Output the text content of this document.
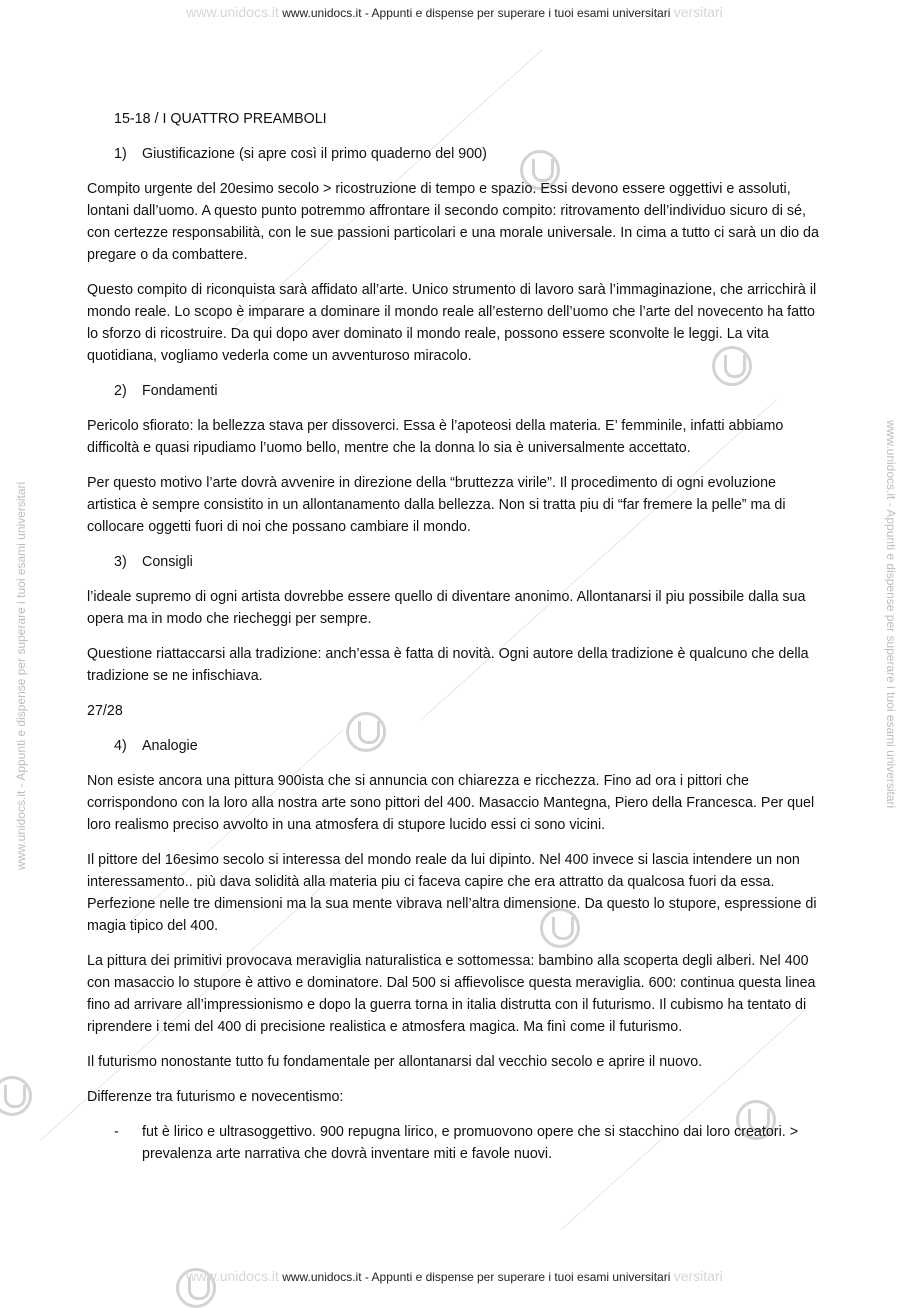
www.unidocs.it www.unidocs.it - Appunti e dispense per superare i tuoi esami universitari versitari
www.unidocs.it - Appunti e dispense per superare i tuoi esami universitari	www.unidocs.it - Appunti e dispense per superare i tuoi esami universitari

15-18 / I QUATTRO PREAMBOLI

1) Giustificazione (si apre così il primo quaderno del 900)

Compito urgente del 20esimo secolo > ricostruzione di tempo e spazio. Essi devono essere oggettivi e assoluti, lontani dall’uomo. A questo punto potremmo affrontare il secondo compito: ritrovamento dell’individuo sicuro di sé, con certezze responsabilità, con le sue passioni particolari e una morale universale. In cima a tutto ci sarà un dio da pregare o da combattere.

Questo compito di riconquista sarà affidato all’arte. Unico strumento di lavoro sarà l’immaginazione, che arricchirà il mondo reale. Lo scopo è imparare a dominare il mondo reale all’esterno dell’uomo che l’arte del novecento ha fatto lo sforzo di ricostruire. Da qui dopo aver dominato il mondo reale, possono essere sconvolte le leggi. La vita quotidiana, vogliamo vederla come un avventuroso miracolo.

2) Fondamenti

Pericolo sfiorato: la bellezza stava per dissoverci. Essa è l’apoteosi della materia. E’ femminile, infatti abbiamo difficoltà e quasi ripudiamo l’uomo bello, mentre che la donna lo sia è universalmente accettato.

Per questo motivo l’arte dovrà avvenire in direzione della “bruttezza virile”. Il procedimento di ogni evoluzione artistica è sempre consistito in un allontanamento dalla bellezza. Non si tratta piu di “far fremere la pelle” ma di collocare oggetti fuori di noi che possano cambiare il mondo.

3) Consigli

l’ideale supremo di ogni artista dovrebbe essere quello di diventare anonimo. Allontanarsi il piu possibile dalla sua opera ma in modo che riecheggi per sempre.

Questione riattaccarsi alla tradizione: anch’essa è fatta di novità. Ogni autore della tradizione è qualcuno che della tradizione se ne infischiava.

27/28

4) Analogie

Non esiste ancora una pittura 900ista che si annuncia con chiarezza e ricchezza. Fino ad ora i pittori che corrispondono con la loro alla nostra arte sono pittori del 400. Masaccio Mantegna, Piero della Francesca. Per quel loro realismo preciso avvolto in una atmosfera di stupore lucido essi ci sono vicini.

Il pittore del 16esimo secolo si interessa del mondo reale da lui dipinto. Nel 400 invece si lascia intendere un non interessamento.. più dava solidità alla materia piu ci faceva capire che era attratto da qualcosa fuori da essa. Perfezione nelle tre dimensioni ma la sua mente vibrava nell’altra dimensione. Da questo lo stupore, espressione di magia tipico del 400.

La pittura dei primitivi provocava meraviglia naturalistica e sottomessa: bambino alla scoperta degli alberi. Nel 400 con masaccio lo stupore è attivo e dominatore. Dal 500 si affievolisce questa meraviglia. 600: continua questa linea fino ad arrivare all’impressionismo e dopo la guerra torna in italia distrutta con il futurismo. Il cubismo ha tentato di riprendere i temi del 400 di precisione realistica e atmosfera magica. Ma finì come il futurismo.

Il futurismo nonostante tutto fu fondamentale per allontanarsi dal vecchio secolo e aprire il nuovo.

Differenze tra futurismo e novecentismo:

-	fut è lirico e ultrasoggettivo. 900 repugna lirico, e promuovono opere che si stacchino dai loro creatori. > prevalenza arte narrativa che dovrà inventare miti e favole nuovi.
www.unidocs.it www.unidocs.it - Appunti e dispense per superare i tuoi esami universitari versitari
